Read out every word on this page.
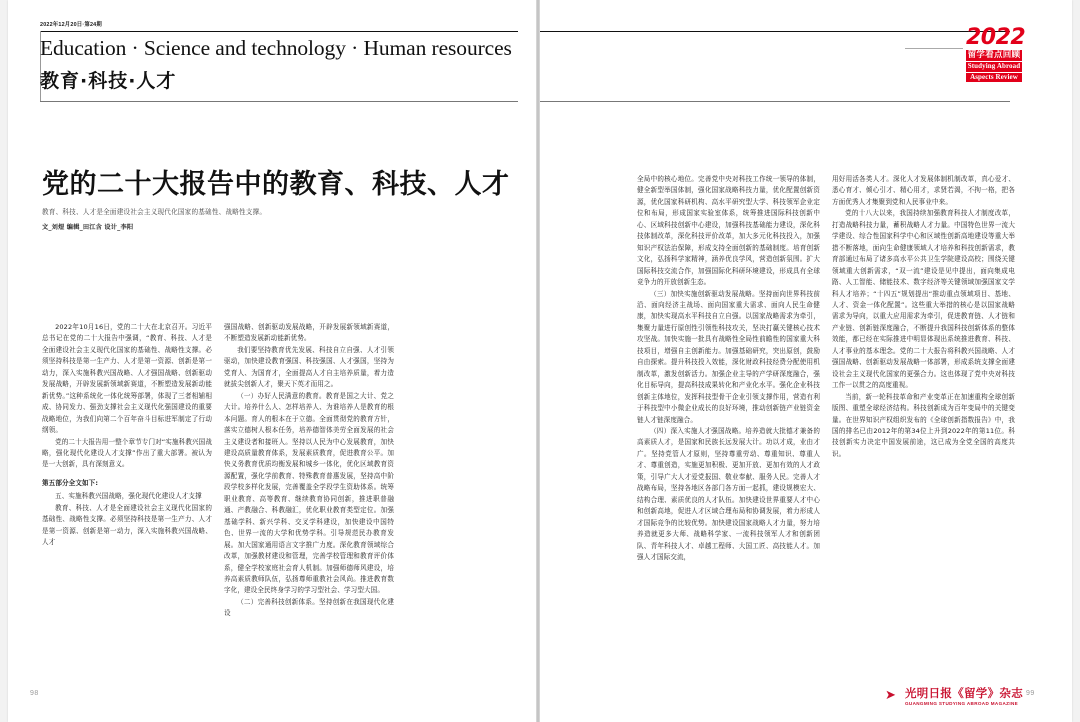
2022年12月20日·第24期
Education · Science and technology · Human resources
教育·科技·人才
2022
留学看点回顾
Studying Abroad
Aspects Review
党的二十大报告中的教育、科技、人才
教育、科技、人才是全面建设社会主义现代化国家的基础性、战略性支撑。
文_刘煜 编辑_田江含 设计_李阳

2022年10月16日，党的二十大在北京召开。习近平总书记在党的二十大报告中强调，“教育、科技、人才是全面建设社会主义现代化国家的基础性、战略性支撑。必须坚持科技是第一生产力、人才是第一资源、创新是第一动力，深入实施科教兴国战略、人才强国战略、创新驱动发展战略，开辟发展新领域新赛道，不断塑造发展新动能新优势。”这种系统化一体化统筹部署，体现了三者相辅相成、协同发力、强劲支撑社会主义现代化强国建设的重要战略地位，为我们向第二个百年奋斗目标进军制定了行动纲领。

党的二十大报告用一整个章节专门对“实施科教兴国战略，强化现代化建设人才支撑”作出了重大部署。被认为是一大创新，具有深刻意义。

第五部分全文如下:

五、实施科教兴国战略，强化现代化建设人才支撑

教育、科技、人才是全面建设社会主义现代化国家的基础性、战略性支撑。必须坚持科技是第一生产力、人才是第一资源、创新是第一动力，深入实施科教兴国战略、人才

强国战略、创新驱动发展战略，开辟发展新领域新赛道，不断塑造发展新动能新优势。

我们要坚持教育优先发展、科技自立自强、人才引领驱动，加快建设教育强国、科技强国、人才强国，坚持为党育人、为国育才，全面提高人才自主培养质量，着力造就拔尖创新人才，聚天下英才而用之。

（一）办好人民满意的教育。教育是国之大计、党之大计。培养什么人、怎样培养人、为谁培养人是教育的根本问题。育人的根本在于立德。全面贯彻党的教育方针，落实立德树人根本任务，培养德智体美劳全面发展的社会主义建设者和接班人。坚持以人民为中心发展教育，加快建设高质量教育体系，发展素质教育，促进教育公平。加快义务教育优质均衡发展和城乡一体化，优化区域教育资源配置，强化学前教育、特殊教育普惠发展，坚持高中阶段学校多样化发展，完善覆盖全学段学生资助体系。统筹职业教育、高等教育、继续教育协同创新，推进职普融通、产教融合、科教融汇，优化职业教育类型定位。加强基础学科、新兴学科、交叉学科建设，加快建设中国特色、世界一流的大学和优势学科。引导规范民办教育发展。加大国家通用语言文字推广力度。深化教育领域综合改革，加强教材建设和管理，完善学校管理和教育评价体系，健全学校家庭社会育人机制。加强师德师风建设，培养高素质教师队伍，弘扬尊师重教社会风尚。推进教育数字化，建设全民终身学习的学习型社会、学习型大国。

（二）完善科技创新体系。坚持创新在我国现代化建设

全局中的核心地位。完善党中央对科技工作统一领导的体制，健全新型举国体制，强化国家战略科技力量，优化配置创新资源，优化国家科研机构、高水平研究型大学、科技领军企业定位和布局，形成国家实验室体系，统筹推进国际科技创新中心、区域科技创新中心建设，加强科技基础能力建设，深化科技体制改革，深化科技评价改革，加大多元化科技投入，加强知识产权法治保障，形成支持全面创新的基础制度。培育创新文化，弘扬科学家精神，涵养优良学风，营造创新氛围。扩大国际科技交流合作，加强国际化科研环境建设，形成具有全球竞争力的开放创新生态。

（三）加快实施创新驱动发展战略。坚持面向世界科技前沿、面向经济主战场、面向国家重大需求、面向人民生命健康，加快实现高水平科技自立自强。以国家战略需求为牵引，集聚力量进行原创性引领性科技攻关，坚决打赢关键核心技术攻坚战。加快实施一批具有战略性全局性前瞻性的国家重大科技项目，增强自主创新能力。加强基础研究，突出原创，鼓励自由探索。提升科技投入效能，深化财政科技经费分配使用机制改革，激发创新活力。加强企业主导的产学研深度融合，强化目标导向，提高科技成果转化和产业化水平。强化企业科技创新主体地位，发挥科技型骨干企业引领支撑作用，营造有利于科技型中小微企业成长的良好环境，推动创新链产业链资金链人才链深度融合。

（四）深入实施人才强国战略。培养造就大批德才兼备的高素质人才，是国家和民族长远发展大计。功以才成，业由才广。坚持党管人才原则，坚持尊重劳动、尊重知识、尊重人才、尊重创造，实施更加积极、更加开放、更加有效的人才政策，引导广大人才爱党报国、敬业奉献、服务人民。完善人才战略布局，坚持各地区各部门各方面一起抓，建设规模宏大、结构合理、素质优良的人才队伍。加快建设世界重要人才中心和创新高地，促进人才区域合理布局和协调发展，着力形成人才国际竞争的比较优势。加快建设国家战略人才力量，努力培养造就更多大师、战略科学家、一流科技领军人才和创新团队、青年科技人才、卓越工程师、大国工匠、高技能人才。加强人才国际交流，

用好用活各类人才。深化人才发展体制机制改革，真心爱才、悉心育才、倾心引才、精心用才，求贤若渴，不拘一格，把各方面优秀人才集聚到党和人民事业中来。

党的十八大以来，我国持续加强教育科技人才制度改革，打造战略科技力量，蓄积战略人才力量。中国特色世界一流大学建设、综合性国家科学中心和区域性创新高地建设等重大举措不断落地，面向生命健康领域人才培养和科技创新需求，教育部通过布局了诸多高水平公共卫生学院建设高校；围绕关键领域重大创新需求，“双一流”建设是见中提出，面向集成电路、人工智能、储能技术、数字经济等关键领域加强国家文学科人才培养；“十四五”规划提出“推动重点领域项目、基地、人才、资金一体化配置”。这些重大举措的核心是以国家战略需求为导向，以重大应用需求为牵引，促进教育链、人才链和产业链、创新链深度融合，不断提升我国科技创新体系的整体效能，都已经在实际推进中明显体现出系统推进教育、科技、人才事业的基本理念。党的二十大报告将科教兴国战略、人才强国战略、创新驱动发展战略一体部署，形成系统支撑全面建设社会主义现代化国家的更强合力。这也体现了党中央对科技工作一以贯之的高度重视。

当前，新一轮科技革命和产业变革正在加速重构全球创新版图、重塑全球经济结构。科技创新成为百年变局中的关键变量。在世界知识产权组织发布的《全球创新指数报告》中，我国的排名已由2012年的第34位上升到2022年的第11位。科技创新实力决定中国发展前途，这已成为全党全国的高度共识。

98	➤ 光明日报《留学》杂志
GUANGMING STUDYING ABROAD MAGAZINE
99
